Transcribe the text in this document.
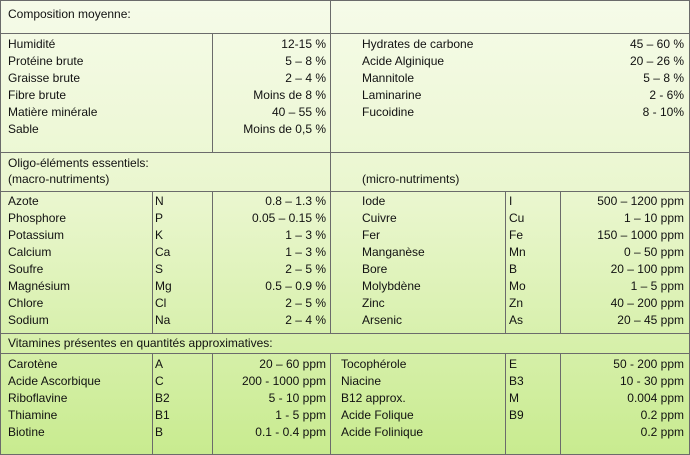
Composition moyenne:
Humidité
Protéine brute
Graisse brute
Fibre brute
Matière minérale
Sable
12-15 %
5 – 8 %
2 – 4 %
Moins de 8 %
40 – 55 %
Moins de 0,5 %
Hydrates de carbone
Acide Alginique
Mannitole
Laminarine
Fucoidine
45 – 60 %
20 – 26 %
5 – 8 %
2 - 6%
8 - 10%
Oligo-éléments essentiels:
(macro-nutriments)	(micro-nutriments)
Azote
Phosphore
Potassium
Calcium
Soufre
Magnésium
Chlore
Sodium
N
P
K
Ca
S
Mg
Cl
Na
0.8 – 1.3 %
0.05 – 0.15 %
1 – 3 %
1 – 3 %
2 – 5 %
0.5 – 0.9 %
2 – 5 %
2 – 4 %
Iode
Cuivre
Fer
Manganèse
Bore
Molybdène
Zinc
Arsenic
I
Cu
Fe
Mn
B
Mo
Zn
As
500 – 1200 ppm
1 – 10 ppm
150 – 1000 ppm
0 – 50 ppm
20 – 100 ppm
1 – 5 ppm
40 – 200 ppm
20 – 45 ppm
Vitamines présentes en quantités approximatives:
Carotène
Acide Ascorbique
Riboflavine
Thiamine
Biotine
A
C
B2
B1
B
20 – 60 ppm
200 - 1000 ppm
5 - 10 ppm
1 - 5 ppm
0.1 - 0.4 ppm
Tocophérole
Niacine
B12 approx.
Acide Folique
Acide Folinique
E
B3
M
B9
50 - 200 ppm
10 - 30 ppm
0.004 ppm
0.2 ppm
0.2 ppm
